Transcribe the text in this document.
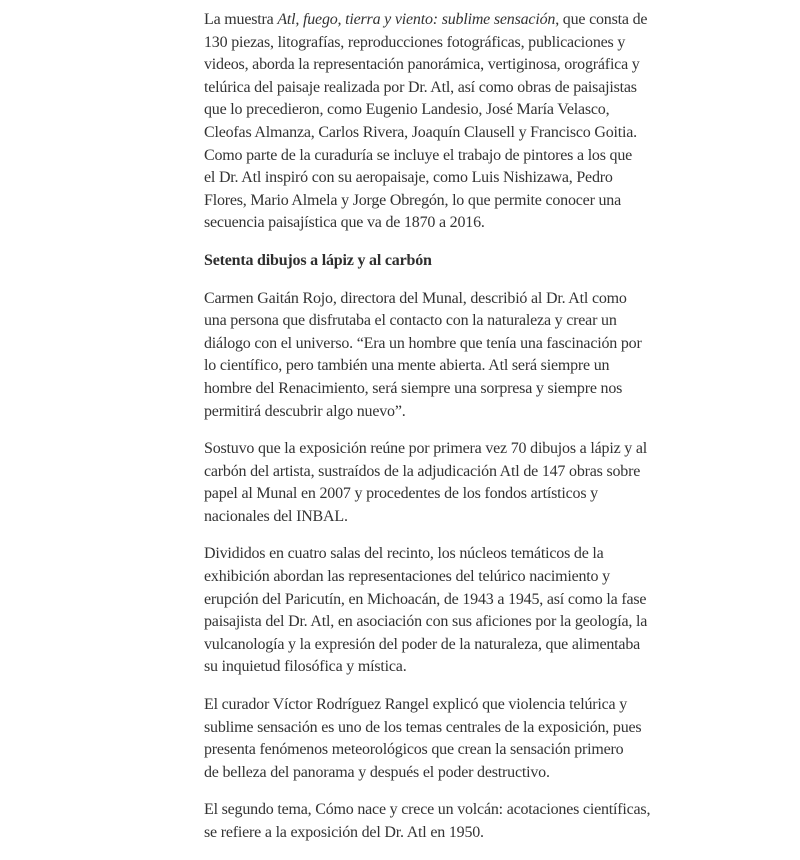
La muestra Atl, fuego, tierra y viento: sublime sensación, que consta de
130 piezas, litografías, reproducciones fotográficas, publicaciones y
videos, aborda la representación panorámica, vertiginosa, orográfica y
telúrica del paisaje realizada por Dr. Atl, así como obras de paisajistas
que lo precedieron, como Eugenio Landesio, José María Velasco,
Cleofas Almanza, Carlos Rivera, Joaquín Clausell y Francisco Goitia.
Como parte de la curaduría se incluye el trabajo de pintores a los que
el Dr. Atl inspiró con su aeropaisaje, como Luis Nishizawa, Pedro
Flores, Mario Almela y Jorge Obregón, lo que permite conocer una
secuencia paisajística que va de 1870 a 2016.

Setenta dibujos a lápiz y al carbón

Carmen Gaitán Rojo, directora del Munal, describió al Dr. Atl como
una persona que disfrutaba el contacto con la naturaleza y crear un
diálogo con el universo. “Era un hombre que tenía una fascinación por
lo científico, pero también una mente abierta. Atl será siempre un
hombre del Renacimiento, será siempre una sorpresa y siempre nos
permitirá descubrir algo nuevo”.

Sostuvo que la exposición reúne por primera vez 70 dibujos a lápiz y al
carbón del artista, sustraídos de la adjudicación Atl de 147 obras sobre
papel al Munal en 2007 y procedentes de los fondos artísticos y
nacionales del INBAL.

Divididos en cuatro salas del recinto, los núcleos temáticos de la
exhibición abordan las representaciones del telúrico nacimiento y
erupción del Paricutín, en Michoacán, de 1943 a 1945, así como la fase
paisajista del Dr. Atl, en asociación con sus aficiones por la geología, la
vulcanología y la expresión del poder de la naturaleza, que alimentaba
su inquietud filosófica y mística.

El curador Víctor Rodríguez Rangel explicó que violencia telúrica y
sublime sensación es uno de los temas centrales de la exposición, pues
presenta fenómenos meteorológicos que crean la sensación primero
de belleza del panorama y después el poder destructivo.

El segundo tema, Cómo nace y crece un volcán: acotaciones científicas,
se refiere a la exposición del Dr. Atl en 1950.
